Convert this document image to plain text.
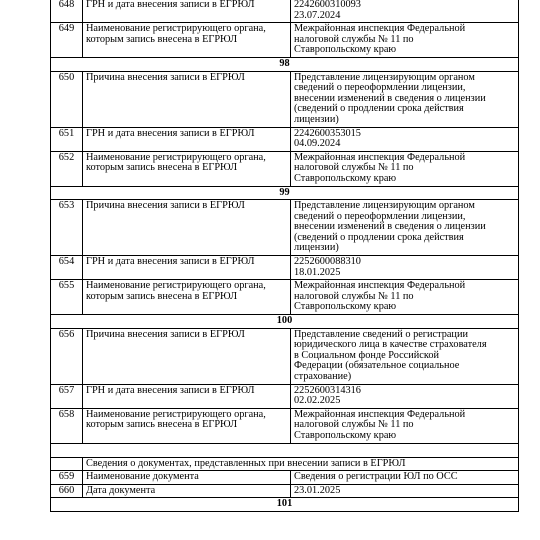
648	ГРН и дата внесения записи в ЕГРЮЛ	2242600310093
23.07.2024
649	Наименование регистрирующего органа,
которым запись внесена в ЕГРЮЛ	Межрайонная инспекция Федеральной
налоговой службы № 11 по
Ставропольскому краю
98		
650	Причина внесения записи в ЕГРЮЛ	Представление лицензирующим органом
сведений о переоформлении лицензии,
внесении изменений в сведения о лицензии
(сведений о продлении срока действия
лицензии)
651	ГРН и дата внесения записи в ЕГРЮЛ	2242600353015
04.09.2024
652	Наименование регистрирующего органа,
которым запись внесена в ЕГРЮЛ	Межрайонная инспекция Федеральной
налоговой службы № 11 по
Ставропольскому краю
99		
653	Причина внесения записи в ЕГРЮЛ	Представление лицензирующим органом
сведений о переоформлении лицензии,
внесении изменений в сведения о лицензии
(сведений о продлении срока действия
лицензии)
654	ГРН и дата внесения записи в ЕГРЮЛ	2252600088310
18.01.2025
655	Наименование регистрирующего органа,
которым запись внесена в ЕГРЮЛ	Межрайонная инспекция Федеральной
налоговой службы № 11 по
Ставропольскому краю
100		
656	Причина внесения записи в ЕГРЮЛ	Представление сведений о регистрации
юридического лица в качестве страхователя
в Социальном фонде Российской
Федерации (обязательное социальное
страхование)
657	ГРН и дата внесения записи в ЕГРЮЛ	2252600314316
02.02.2025
658	Наименование регистрирующего органа,
которым запись внесена в ЕГРЮЛ	Межрайонная инспекция Федеральной
налоговой службы № 11 по
Ставропольскому краю

	Сведения о документах, представленных при внесении записи в ЕГРЮЛ	
659	Наименование документа	Сведения о регистрации ЮЛ по ОСС
660	Дата документа	23.01.2025
101		
